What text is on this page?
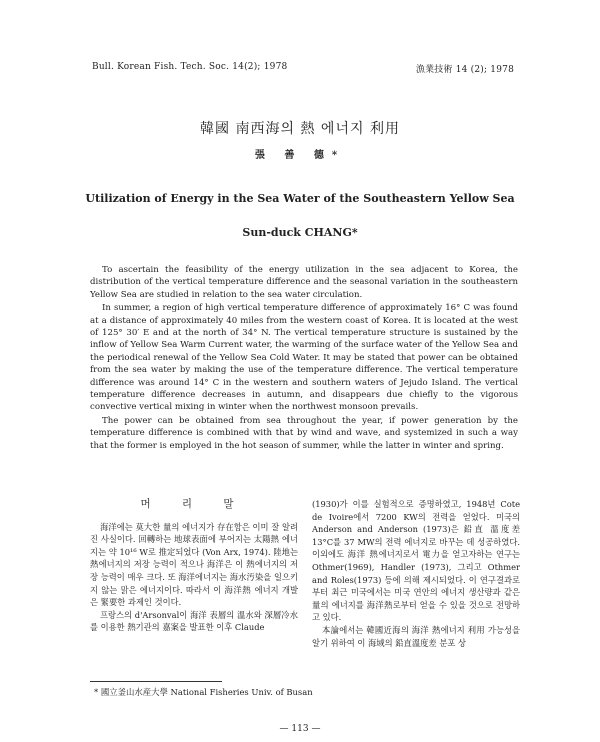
Bull. Korean Fish. Tech. Soc. 14(2); 1978	漁業技術 14 (2); 1978
韓國 南西海의 熱 에너지 利用
張 善 德*
Utilization of Energy in the Sea Water of the Southeastern Yellow Sea
Sun-duck CHANG*

To ascertain the feasibility of the energy utilization in the sea adjacent to Korea, the distribution of the vertical temperature difference and the seasonal variation in the southeastern Yellow Sea are studied in relation to the sea water circulation.

In summer, a region of high vertical temperature difference of approximately 16° C was found at a distance of approximately 40 miles from the western coast of Korea. It is located at the west of 125° 30′ E and at the north of 34° N. The vertical temperature structure is sustained by the inflow of Yellow Sea Warm Current water, the warming of the surface water of the Yellow Sea and the periodical renewal of the Yellow Sea Cold Water. It may be stated that power can be obtained from the sea water by making the use of the temperature difference. The vertical temperature difference was around 14° C in the western and southern waters of Jejudo Island. The vertical temperature difference decreases in autumn, and disappears due chiefly to the vigorous convective vertical mixing in winter when the northwest monsoon prevails.

The power can be obtained from sea throughout the year, if power generation by the temperature difference is combined with that by wind and wave, and systemized in such a way that the former is employed in the hot season of summer, while the latter in winter and spring.

머 리 말

海洋에는 莫大한 量의 에너지가 存在함은 이미 잘 알려진 사실이다. 回轉하는 地球表面에 부어지는 太陽熱 에너지는 약 10¹⁶ W로 推定되었다 (Von Arx, 1974). 陸地는 熱에너지의 저장 능력이 적으나 海洋은 이 熱에너지의 저장 능력이 매우 크다. 또 海洋에너지는 海水汚染을 일으키지 않는 맑은 에너지이다. 따라서 이 海洋熱 에너지 개발은 緊要한 과제인 것이다.

프랑스의 d'Arsonval이 海洋 表層의 溫水와 深層冷水를 이용한 熱기관의 嘉案을 발표한 이후 Claude

(1930)가 이를 실험적으로 증명하였고, 1948년 Cote de Ivoire에서 7200 KW의 전력을 얻었다. 미국의 Anderson and Anderson (1973)은 鉛直 溫度差 13°C를 37 MW의 전력 에너지로 바꾸는 데 성공하였다. 이외에도 海洋 熱에너지로서 電力을 얻고자하는 연구는 Othmer(1969), Handler (1973), 그리고 Othmer and Roles(1973) 등에 의해 제시되었다. 이 연구결과로부터 최근 미국에서는 미국 연안의 에너지 생산량과 같은 量의 에너지를 海洋熱로부터 얻을 수 있을 것으로 전망하고 있다.

本論에서는 韓國近海의 海洋 熱에너지 利用 가능성을 알기 위하여 이 海域의 鉛直溫度差 분포 상

* 國立釜山水産大學 National Fisheries Univ. of Busan
— 113 —
